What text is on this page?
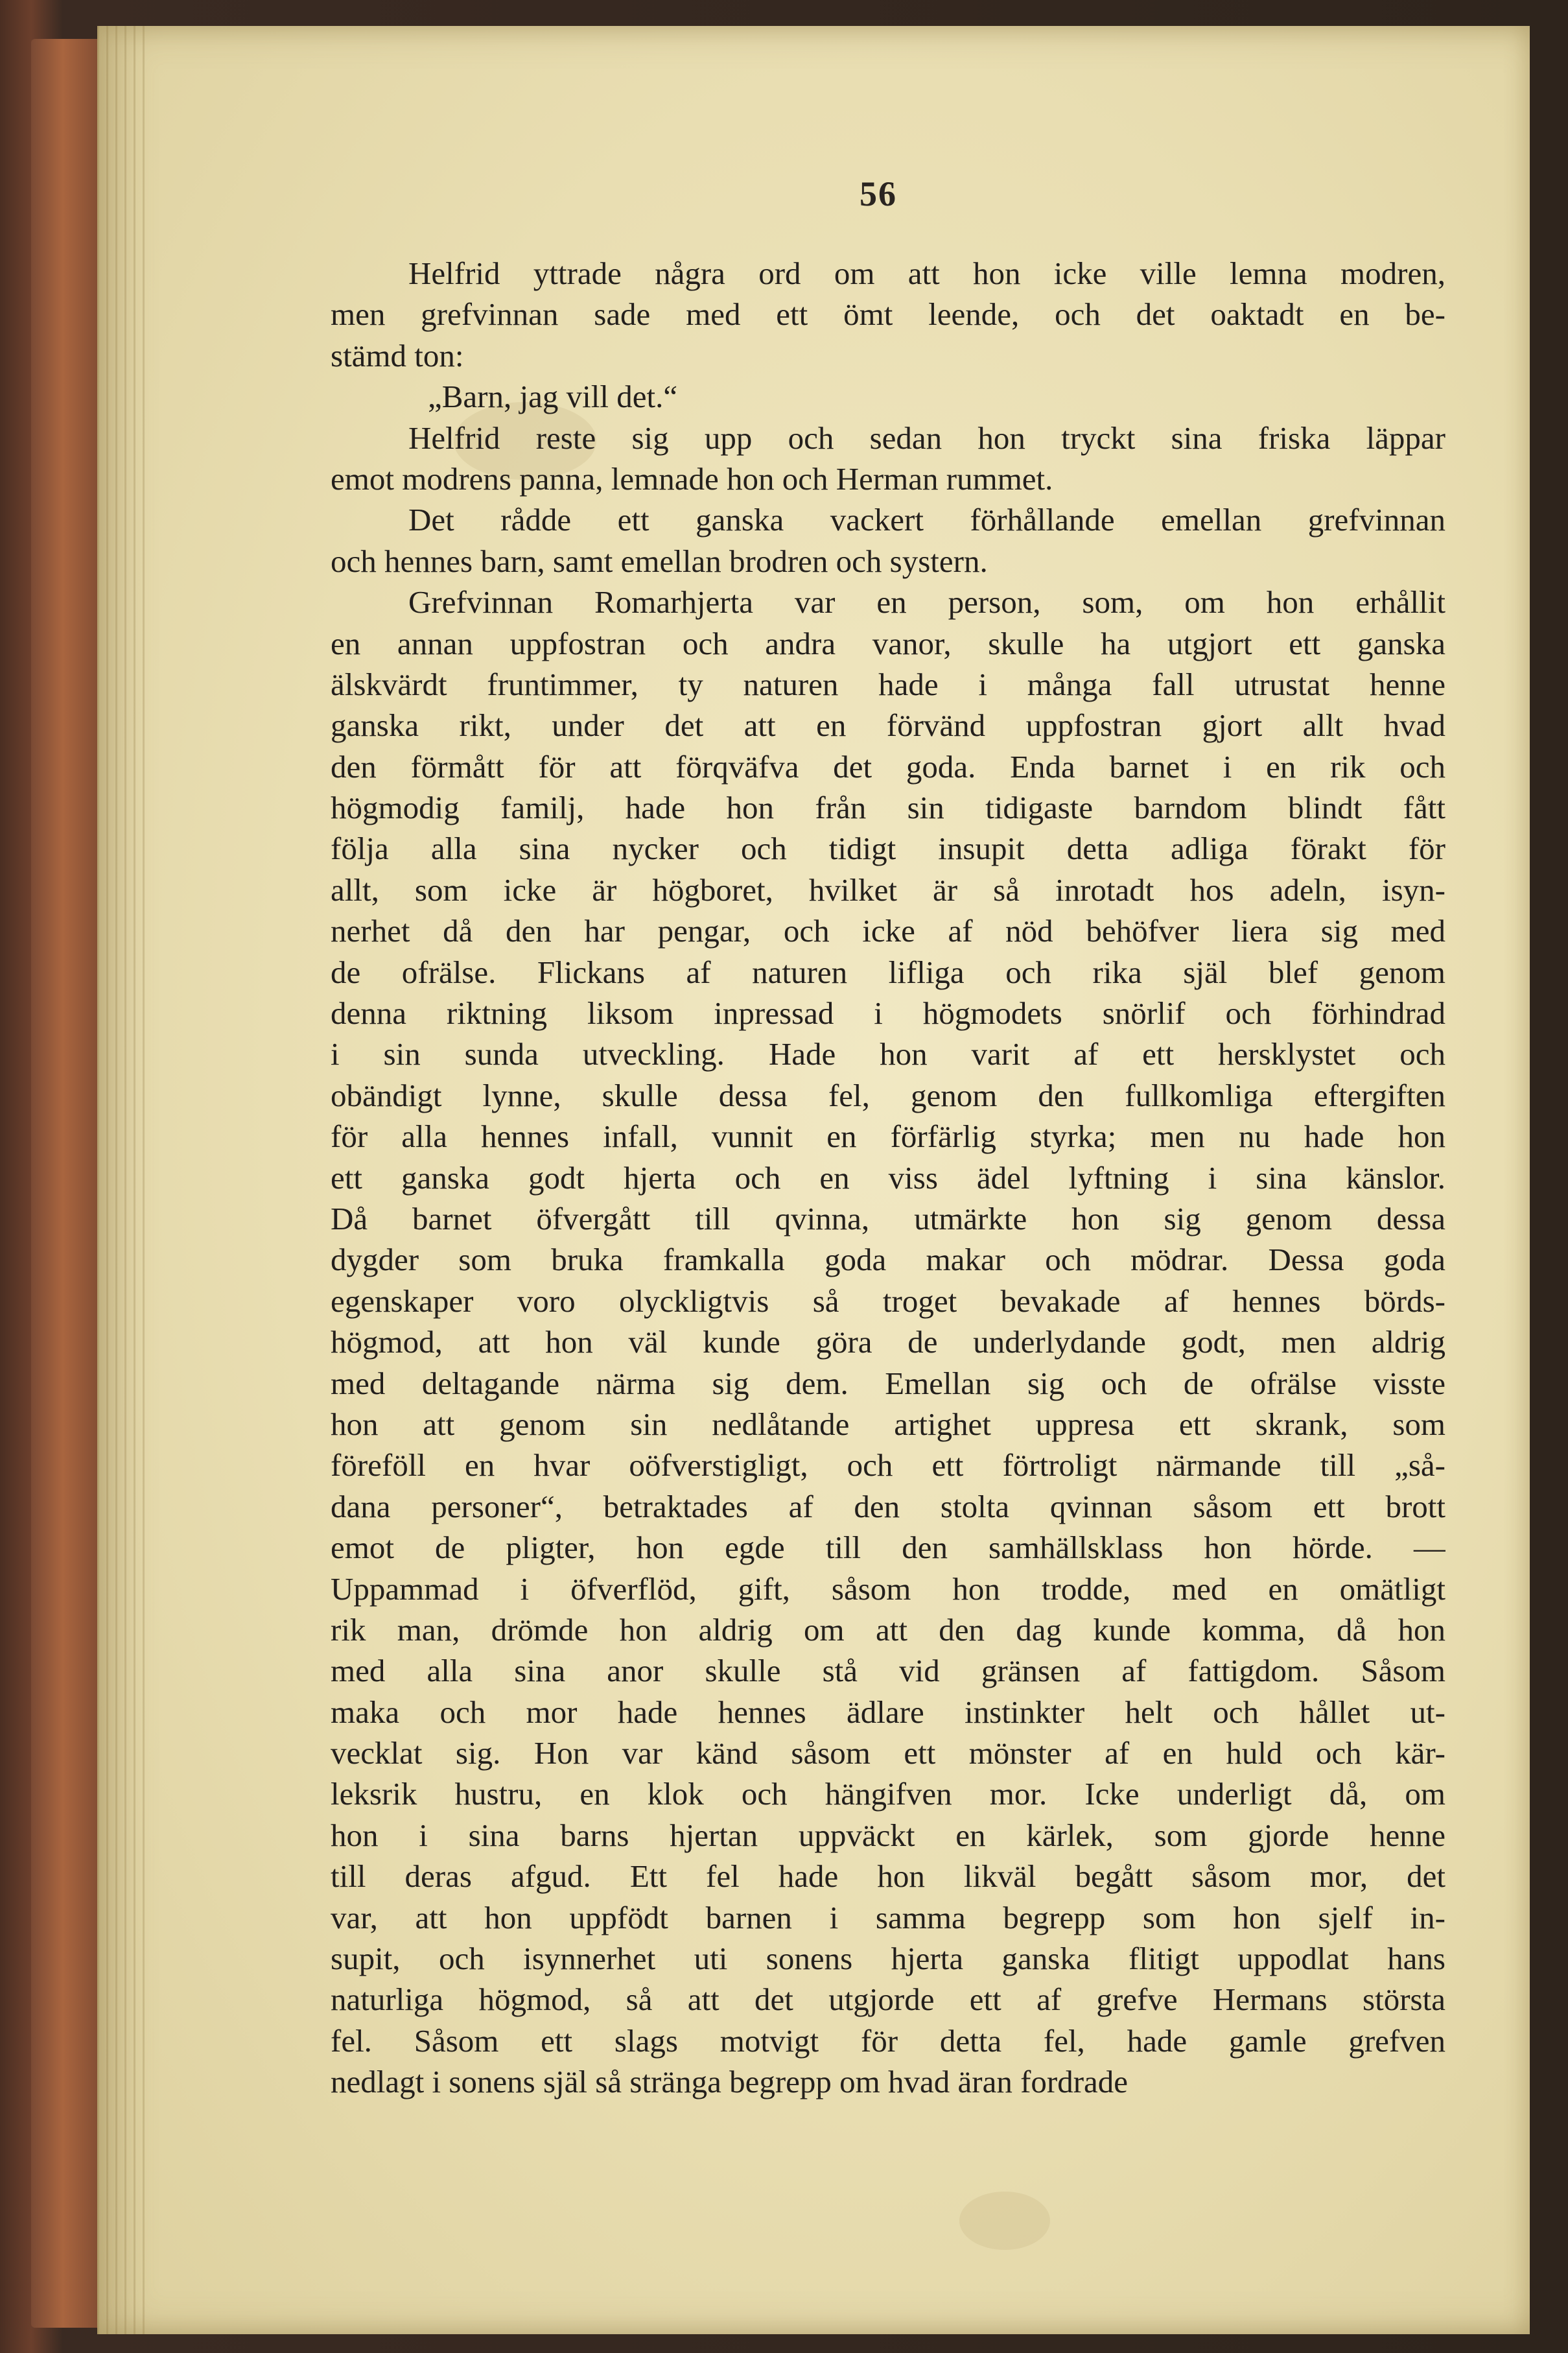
56
Helfrid yttrade några ord om att hon icke ville lemna modren,
men grefvinnan sade med ett ömt leende, och det oaktadt en be-
stämd ton:
„Barn, jag vill det.“
Helfrid reste sig upp och sedan hon tryckt sina friska läppar
emot modrens panna, lemnade hon och Herman rummet.
Det rådde ett ganska vackert förhållande emellan grefvinnan
och hennes barn, samt emellan brodren och systern.
Grefvinnan Romarhjerta var en person, som, om hon erhållit
en annan uppfostran och andra vanor, skulle ha utgjort ett ganska
älskvärdt fruntimmer, ty naturen hade i många fall utrustat henne
ganska rikt, under det att en förvänd uppfostran gjort allt hvad
den förmått för att förqväfva det goda. Enda barnet i en rik och
högmodig familj, hade hon från sin tidigaste barndom blindt fått
följa alla sina nycker och tidigt insupit detta adliga förakt för
allt, som icke är högboret, hvilket är så inrotadt hos adeln, isyn-
nerhet då den har pengar, och icke af nöd behöfver liera sig med
de ofrälse. Flickans af naturen lifliga och rika själ blef genom
denna riktning liksom inpressad i högmodets snörlif och förhindrad
i sin sunda utveckling. Hade hon varit af ett hersklystet och
obändigt lynne, skulle dessa fel, genom den fullkomliga eftergiften
för alla hennes infall, vunnit en förfärlig styrka; men nu hade hon
ett ganska godt hjerta och en viss ädel lyftning i sina känslor.
Då barnet öfvergått till qvinna, utmärkte hon sig genom dessa
dygder som bruka framkalla goda makar och mödrar. Dessa goda
egenskaper voro olyckligtvis så troget bevakade af hennes börds-
högmod, att hon väl kunde göra de underlydande godt, men aldrig
med deltagande närma sig dem. Emellan sig och de ofrälse visste
hon att genom sin nedlåtande artighet uppresa ett skrank, som
föreföll en hvar oöfverstigligt, och ett förtroligt närmande till „så-
dana personer“, betraktades af den stolta qvinnan såsom ett brott
emot de pligter, hon egde till den samhällsklass hon hörde. —
Uppammad i öfverflöd, gift, såsom hon trodde, med en omätligt
rik man, drömde hon aldrig om att den dag kunde komma, då hon
med alla sina anor skulle stå vid gränsen af fattigdom. Såsom
maka och mor hade hennes ädlare instinkter helt och hållet ut-
vecklat sig. Hon var känd såsom ett mönster af en huld och kär-
leksrik hustru, en klok och hängifven mor. Icke underligt då, om
hon i sina barns hjertan uppväckt en kärlek, som gjorde henne
till deras afgud. Ett fel hade hon likväl begått såsom mor, det
var, att hon uppfödt barnen i samma begrepp som hon sjelf in-
supit, och isynnerhet uti sonens hjerta ganska flitigt uppodlat hans
naturliga högmod, så att det utgjorde ett af grefve Hermans största
fel. Såsom ett slags motvigt för detta fel, hade gamle grefven
nedlagt i sonens själ så stränga begrepp om hvad äran fordrade
